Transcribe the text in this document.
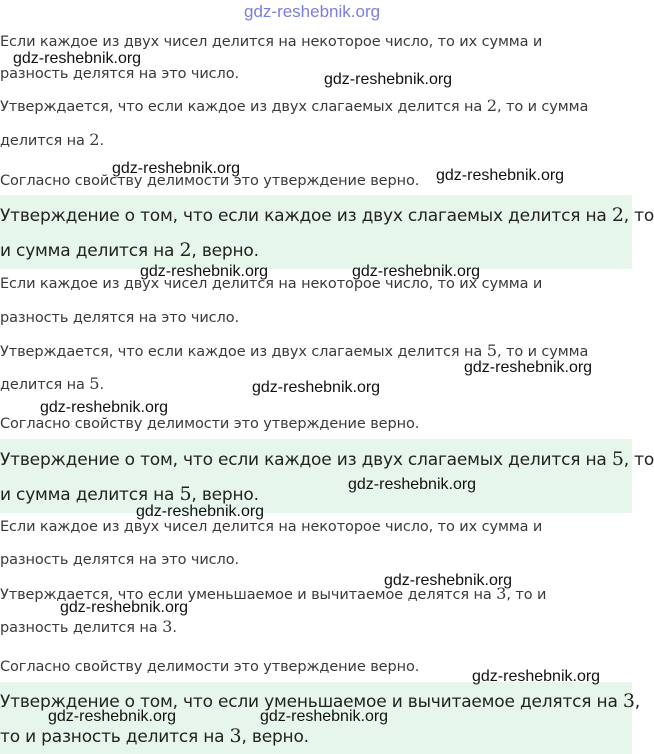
gdz-reshebnik.org
Если каждое из двух чисел делится на некоторое число, то их сумма и
разность делятся на это число.
Утверждается, что если каждое из двух слагаемых делится на 2, то и сумма
делится на 2.
Согласно свойству делимости это утверждение верно.
Утверждение о том, что если каждое из двух слагаемых делится на 2, то
и сумма делится на 2, верно.
Если каждое из двух чисел делится на некоторое число, то их сумма и
разность делятся на это число.
Утверждается, что если каждое из двух слагаемых делится на 5, то и сумма
делится на 5.
Согласно свойству делимости это утверждение верно.
Утверждение о том, что если каждое из двух слагаемых делится на 5, то
и сумма делится на 5, верно.
Если каждое из двух чисел делится на некоторое число, то их сумма и
разность делятся на это число.
Утверждается, что если уменьшаемое и вычитаемое делятся на 3, то и
разность делится на 3.
Согласно свойству делимости это утверждение верно.
Утверждение о том, что если уменьшаемое и вычитаемое делятся на 3,
то и разность делится на 3, верно.
gdz-reshebnik.org
gdz-reshebnik.org
gdz-reshebnik.org	gdz-reshebnik.org
gdz-reshebnik.org	gdz-reshebnik.org
gdz-reshebnik.org
gdz-reshebnik.org
gdz-reshebnik.org
gdz-reshebnik.org
gdz-reshebnik.org
gdz-reshebnik.org
gdz-reshebnik.org
gdz-reshebnik.org
gdz-reshebnik.org	gdz-reshebnik.org
